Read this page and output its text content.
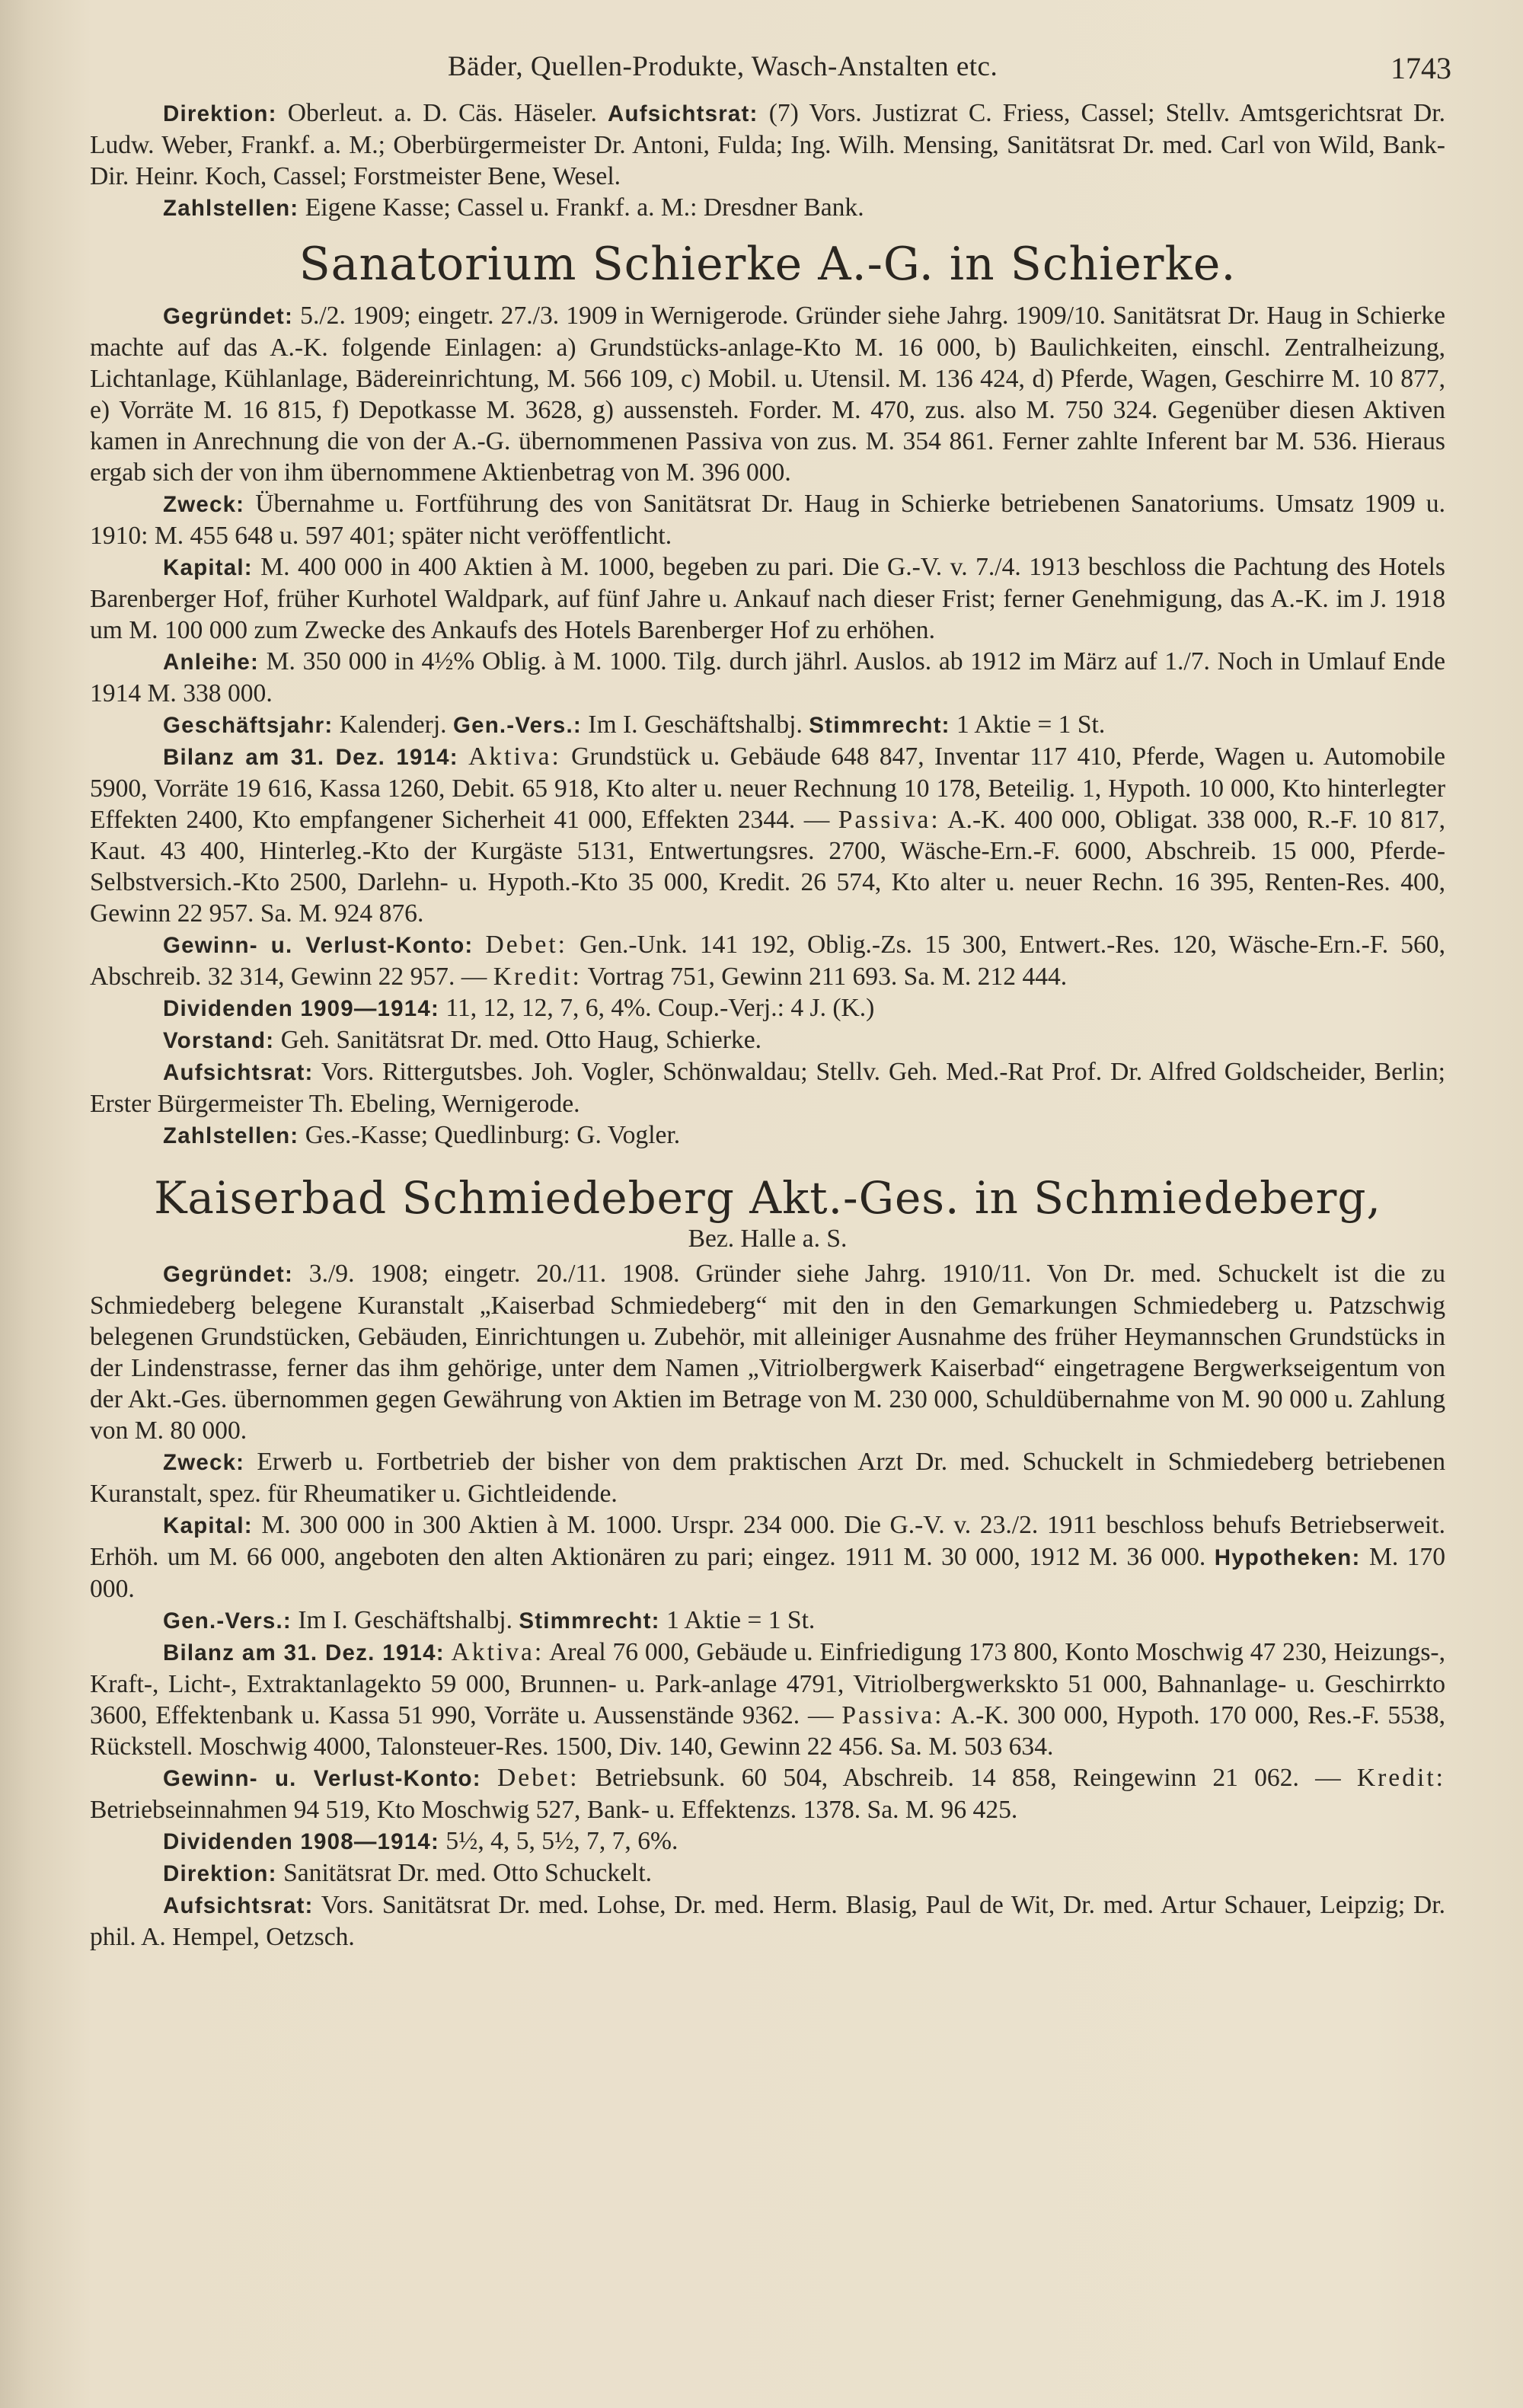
Bäder, Quellen-Produkte, Wasch-Anstalten etc.	1743

Direktion: Oberleut. a. D. Cäs. Häseler. Aufsichtsrat: (7) Vors. Justizrat C. Friess, Cassel; Stellv. Amtsgerichtsrat Dr. Ludw. Weber, Frankf. a. M.; Oberbürgermeister Dr. Antoni, Fulda; Ing. Wilh. Mensing, Sanitätsrat Dr. med. Carl von Wild, Bank-Dir. Heinr. Koch, Cassel; Forstmeister Bene, Wesel.

Zahlstellen: Eigene Kasse; Cassel u. Frankf. a. M.: Dresdner Bank.

Sanatorium Schierke A.-G. in Schierke.

Gegründet: 5./2. 1909; eingetr. 27./3. 1909 in Wernigerode. Gründer siehe Jahrg. 1909/10. Sanitätsrat Dr. Haug in Schierke machte auf das A.-K. folgende Einlagen: a) Grundstücks-anlage-Kto M. 16 000, b) Baulichkeiten, einschl. Zentralheizung, Lichtanlage, Kühlanlage, Bädereinrichtung, M. 566 109, c) Mobil. u. Utensil. M. 136 424, d) Pferde, Wagen, Geschirre M. 10 877, e) Vorräte M. 16 815, f) Depotkasse M. 3628, g) aussensteh. Forder. M. 470, zus. also M. 750 324. Gegenüber diesen Aktiven kamen in Anrechnung die von der A.-G. übernommenen Passiva von zus. M. 354 861. Ferner zahlte Inferent bar M. 536. Hieraus ergab sich der von ihm übernommene Aktienbetrag von M. 396 000.

Zweck: Übernahme u. Fortführung des von Sanitätsrat Dr. Haug in Schierke betriebenen Sanatoriums. Umsatz 1909 u. 1910: M. 455 648 u. 597 401; später nicht veröffentlicht.

Kapital: M. 400 000 in 400 Aktien à M. 1000, begeben zu pari. Die G.-V. v. 7./4. 1913 beschloss die Pachtung des Hotels Barenberger Hof, früher Kurhotel Waldpark, auf fünf Jahre u. Ankauf nach dieser Frist; ferner Genehmigung, das A.-K. im J. 1918 um M. 100 000 zum Zwecke des Ankaufs des Hotels Barenberger Hof zu erhöhen.

Anleihe: M. 350 000 in 4½% Oblig. à M. 1000. Tilg. durch jährl. Auslos. ab 1912 im März auf 1./7. Noch in Umlauf Ende 1914 M. 338 000.

Geschäftsjahr: Kalenderj. Gen.-Vers.: Im I. Geschäftshalbj. Stimmrecht: 1 Aktie = 1 St.

Bilanz am 31. Dez. 1914: Aktiva: Grundstück u. Gebäude 648 847, Inventar 117 410, Pferde, Wagen u. Automobile 5900, Vorräte 19 616, Kassa 1260, Debit. 65 918, Kto alter u. neuer Rechnung 10 178, Beteilig. 1, Hypoth. 10 000, Kto hinterlegter Effekten 2400, Kto empfangener Sicherheit 41 000, Effekten 2344. — Passiva: A.-K. 400 000, Obligat. 338 000, R.-F. 10 817, Kaut. 43 400, Hinterleg.-Kto der Kurgäste 5131, Entwertungsres. 2700, Wäsche-Ern.-F. 6000, Abschreib. 15 000, Pferde-Selbstversich.-Kto 2500, Darlehn- u. Hypoth.-Kto 35 000, Kredit. 26 574, Kto alter u. neuer Rechn. 16 395, Renten-Res. 400, Gewinn 22 957. Sa. M. 924 876.

Gewinn- u. Verlust-Konto: Debet: Gen.-Unk. 141 192, Oblig.-Zs. 15 300, Entwert.-Res. 120, Wäsche-Ern.-F. 560, Abschreib. 32 314, Gewinn 22 957. — Kredit: Vortrag 751, Gewinn 211 693. Sa. M. 212 444.

Dividenden 1909—1914: 11, 12, 12, 7, 6, 4%. Coup.-Verj.: 4 J. (K.)

Vorstand: Geh. Sanitätsrat Dr. med. Otto Haug, Schierke.

Aufsichtsrat: Vors. Rittergutsbes. Joh. Vogler, Schönwaldau; Stellv. Geh. Med.-Rat Prof. Dr. Alfred Goldscheider, Berlin; Erster Bürgermeister Th. Ebeling, Wernigerode.

Zahlstellen: Ges.-Kasse; Quedlinburg: G. Vogler.

Kaiserbad Schmiedeberg Akt.-Ges. in Schmiedeberg,

Bez. Halle a. S.

Gegründet: 3./9. 1908; eingetr. 20./11. 1908. Gründer siehe Jahrg. 1910/11. Von Dr. med. Schuckelt ist die zu Schmiedeberg belegene Kuranstalt „Kaiserbad Schmiedeberg“ mit den in den Gemarkungen Schmiedeberg u. Patzschwig belegenen Grundstücken, Gebäuden, Einrichtungen u. Zubehör, mit alleiniger Ausnahme des früher Heymannschen Grundstücks in der Lindenstrasse, ferner das ihm gehörige, unter dem Namen „Vitriolbergwerk Kaiserbad“ eingetragene Bergwerkseigentum von der Akt.-Ges. übernommen gegen Gewährung von Aktien im Betrage von M. 230 000, Schuldübernahme von M. 90 000 u. Zahlung von M. 80 000.

Zweck: Erwerb u. Fortbetrieb der bisher von dem praktischen Arzt Dr. med. Schuckelt in Schmiedeberg betriebenen Kuranstalt, spez. für Rheumatiker u. Gichtleidende.

Kapital: M. 300 000 in 300 Aktien à M. 1000. Urspr. 234 000. Die G.-V. v. 23./2. 1911 beschloss behufs Betriebserweit. Erhöh. um M. 66 000, angeboten den alten Aktionären zu pari; eingez. 1911 M. 30 000, 1912 M. 36 000. Hypotheken: M. 170 000.

Gen.-Vers.: Im I. Geschäftshalbj. Stimmrecht: 1 Aktie = 1 St.

Bilanz am 31. Dez. 1914: Aktiva: Areal 76 000, Gebäude u. Einfriedigung 173 800, Konto Moschwig 47 230, Heizungs-, Kraft-, Licht-, Extraktanlagekto 59 000, Brunnen- u. Park-anlage 4791, Vitriolbergwerkskto 51 000, Bahnanlage- u. Geschirrkto 3600, Effektenbank u. Kassa 51 990, Vorräte u. Aussenstände 9362. — Passiva: A.-K. 300 000, Hypoth. 170 000, Res.-F. 5538, Rückstell. Moschwig 4000, Talonsteuer-Res. 1500, Div. 140, Gewinn 22 456. Sa. M. 503 634.

Gewinn- u. Verlust-Konto: Debet: Betriebsunk. 60 504, Abschreib. 14 858, Reingewinn 21 062. — Kredit: Betriebseinnahmen 94 519, Kto Moschwig 527, Bank- u. Effektenzs. 1378. Sa. M. 96 425.

Dividenden 1908—1914: 5½, 4, 5, 5½, 7, 7, 6%.

Direktion: Sanitätsrat Dr. med. Otto Schuckelt.

Aufsichtsrat: Vors. Sanitätsrat Dr. med. Lohse, Dr. med. Herm. Blasig, Paul de Wit, Dr. med. Artur Schauer, Leipzig; Dr. phil. A. Hempel, Oetzsch.
